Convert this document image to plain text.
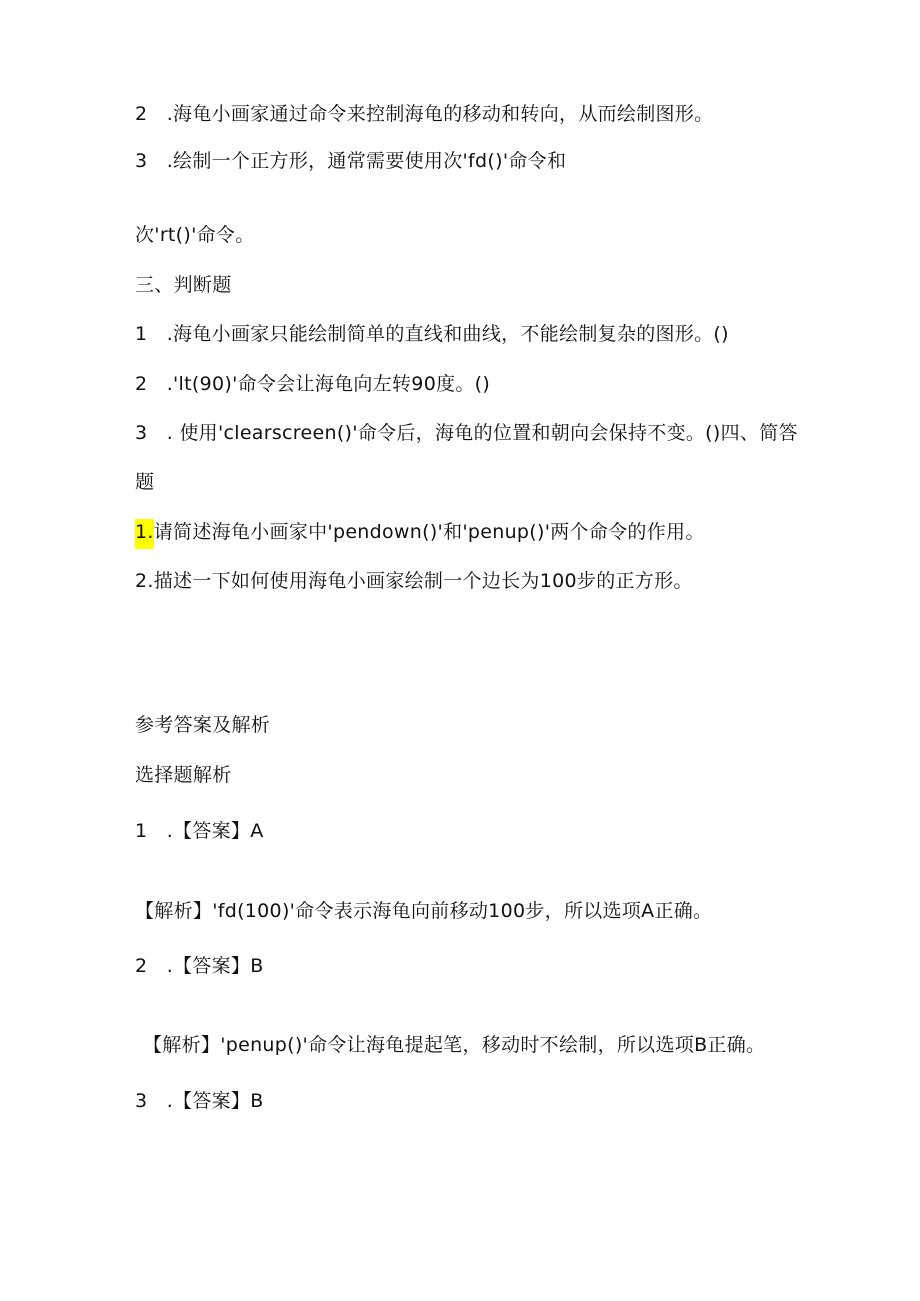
2　.海龟小画家通过命令来控制海龟的移动和转向，从而绘制图形。
3　.绘制一个正方形，通常需要使用次'fd()'命令和
次'rt()'命令。
三、判断题
1　.海龟小画家只能绘制简单的直线和曲线，不能绘制复杂的图形。()
2　.'lt(90)'命令会让海龟向左转90度。()
3　. 使用'clearscreen()'命令后，海龟的位置和朝向会保持不变。()四、简答
题
1.请简述海龟小画家中'pendown()'和'penup()'两个命令的作用。
2.描述一下如何使用海龟小画家绘制一个边长为100步的正方形。
参考答案及解析
选择题解析
1　.【答案】A
【解析】'fd(100)'命令表示海龟向前移动100步，所以选项A正确。
2　.【答案】B
【解析】'penup()'命令让海龟提起笔，移动时不绘制，所以选项B正确。
3　.【答案】B
